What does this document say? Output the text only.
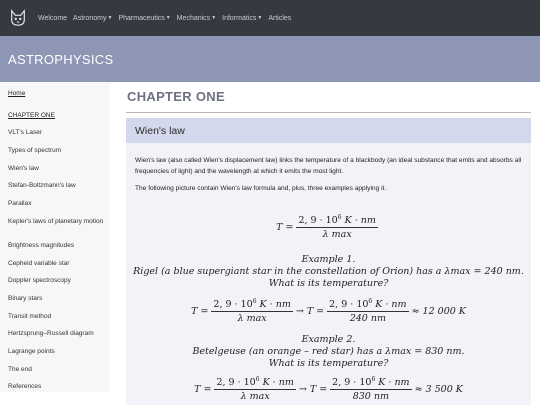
Welcome Astronomy▼ Pharmaceutics▼ Mechanics▼ Informatics▼ Articles
ASTROPHYSICS
Home
CHAPTER ONE
VLT's Laser
Types of spectrum
Wien's law
Stefan-Boltzmann's law
Parallax
Kepler's laws of planetary motion
Brightness magnitudes
Cepheid variable star
Doppler spectroscopy
Binary stars
Transit method
Hertzsprung–Russell diagram
Lagrange points
The end
References
CHAPTER ONE
Wien's law

Wien's law (also called Wien's displacement law) links the temperature of a blackbody (an ideal substance that emits and absorbs all frequencies of light) and the wavelength at which it emits the most light.

The following picture contain Wien's law formula and, plus, three examples applying it.

$T = \frac{2, 9 \cdot 10^6 K \cdot nm}{\text{λ max}}$
Example 1.
Rigel (a blue supergiant star in the constellation of Orion) has a λmax = 240 nm.
What is its temperature?
$T = \frac{2, 9 \cdot 10^6 K \cdot nm}{\text{λ max}} \to T = \frac{2, 9 \cdot 10^6 K \cdot nm}{240 nm} \approx 12$ 000 K
Example 2.
Betelgeuse (an orange – red star) has a λmax = 830 nm.
What is its temperature?
$T = \frac{2, 9 \cdot 10^6 K \cdot nm}{\text{λ max}} \to T = \frac{2, 9 \cdot 10^6 K \cdot nm}{830 nm} \approx 3$ 500 K
